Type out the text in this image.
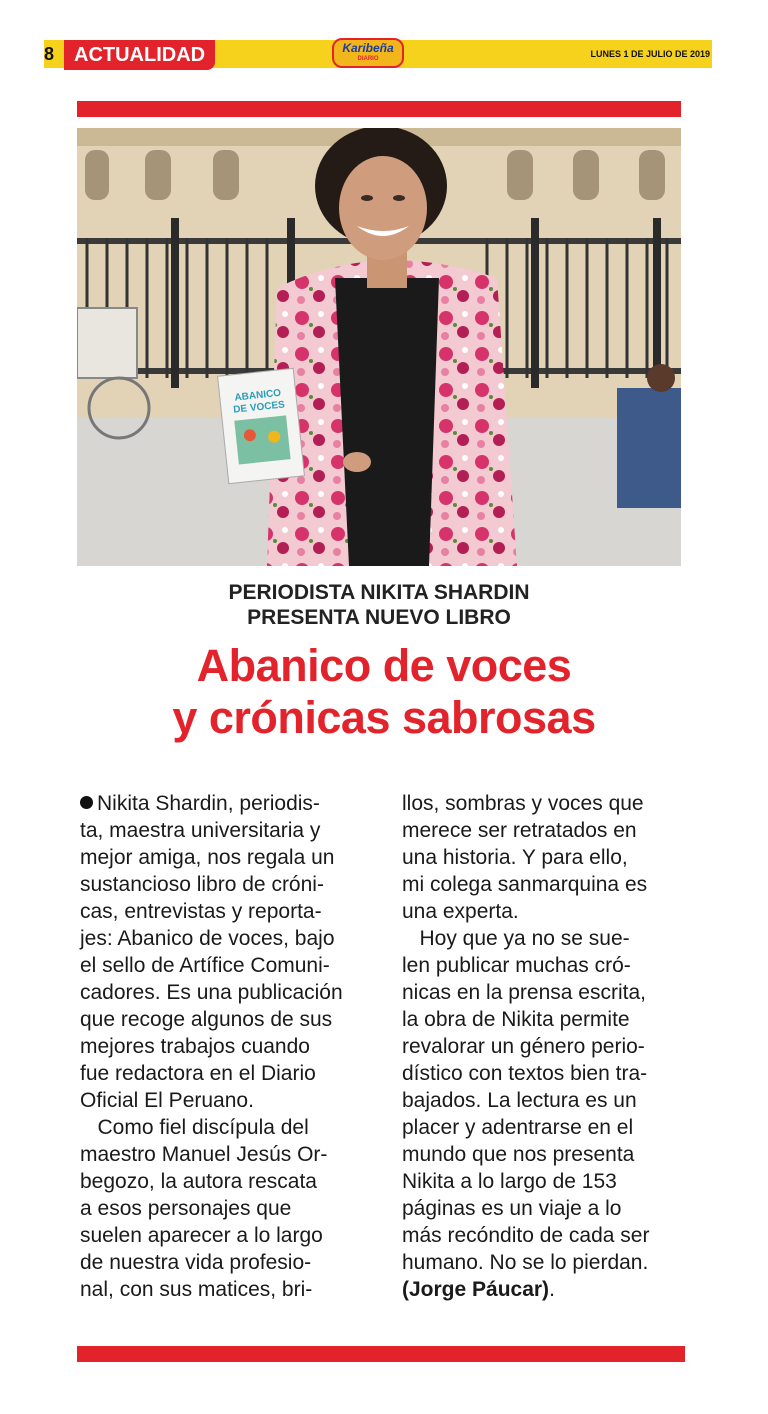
8 ACTUALIDAD	Karibeña
DIARIO	LUNES 1 DE JULIO DE 2019
ABANICO
DE VOCES
PERIODISTA NIKITA SHARDIN
PRESENTA NUEVO LIBRO
Abanico de voces
y crónicas sabrosas

Nikita Shardin, periodis-

ta, maestra universitaria y

mejor amiga, nos regala un

sustancioso libro de cróni-

cas, entrevistas y reporta-

jes: Abanico de voces, bajo

el sello de Artífice Comuni-

cadores. Es una publicación

que recoge algunos de sus

mejores trabajos cuando

fue redactora en el Diario

Oficial El Peruano.

Como fiel discípula del

maestro Manuel Jesús Or-

begozo, la autora rescata

a esos personajes que

suelen aparecer a lo largo

de nuestra vida profesio-

nal, con sus matices, bri-

llos, sombras y voces que

merece ser retratados en

una historia. Y para ello,

mi colega sanmarquina es

una experta.

Hoy que ya no se sue-

len publicar muchas cró-

nicas en la prensa escrita,

la obra de Nikita permite

revalorar un género perio-

dístico con textos bien tra-

bajados. La lectura es un

placer y adentrarse en el

mundo que nos presenta

Nikita a lo largo de 153

páginas es un viaje a lo

más recóndito de cada ser

humano. No se lo pierdan.

(Jorge Páucar).
